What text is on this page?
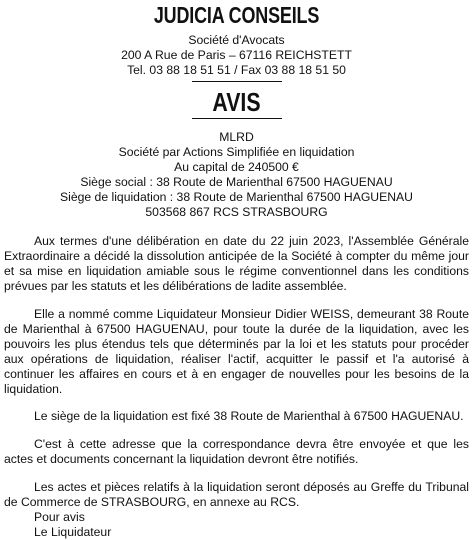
JUDICIA CONSEILS
Société d'Avocats
200 A Rue de Paris – 67116 REICHSTETT
Tel. 03 88 18 51 51 / Fax 03 88 18 51 50
AVIS
MLRD
Société par Actions Simplifiée en liquidation
Au capital de 240500 €
Siège social : 38 Route de Marienthal 67500 HAGUENAU
Siège de liquidation : 38 Route de Marienthal 67500 HAGUENAU
503568 867 RCS STRASBOURG

Aux termes d'une délibération en date du 22 juin 2023, l'Assemblée Générale Extraordinaire a décidé la dissolution anticipée de la Société à compter du même jour et sa mise en liquidation amiable sous le régime conventionnel dans les conditions prévues par les statuts et les délibérations de ladite assemblée.

Elle a nommé comme Liquidateur Monsieur Didier WEISS, demeurant 38 Route de Marienthal à 67500 HAGUENAU, pour toute la durée de la liquidation, avec les pouvoirs les plus étendus tels que déterminés par la loi et les statuts pour procéder aux opérations de liquidation, réaliser l'actif, acquitter le passif et l'a autorisé à continuer les affaires en cours et à en engager de nouvelles pour les besoins de la liquidation.

Le siège de la liquidation est fixé 38 Route de Marienthal à 67500 HAGUENAU.

C'est à cette adresse que la correspondance devra être envoyée et que les actes et documents concernant la liquidation devront être notifiés.

Les actes et pièces relatifs à la liquidation seront déposés au Greffe du Tribunal de Commerce de STRASBOURG, en annexe au RCS.

Pour avis
Le Liquidateur
